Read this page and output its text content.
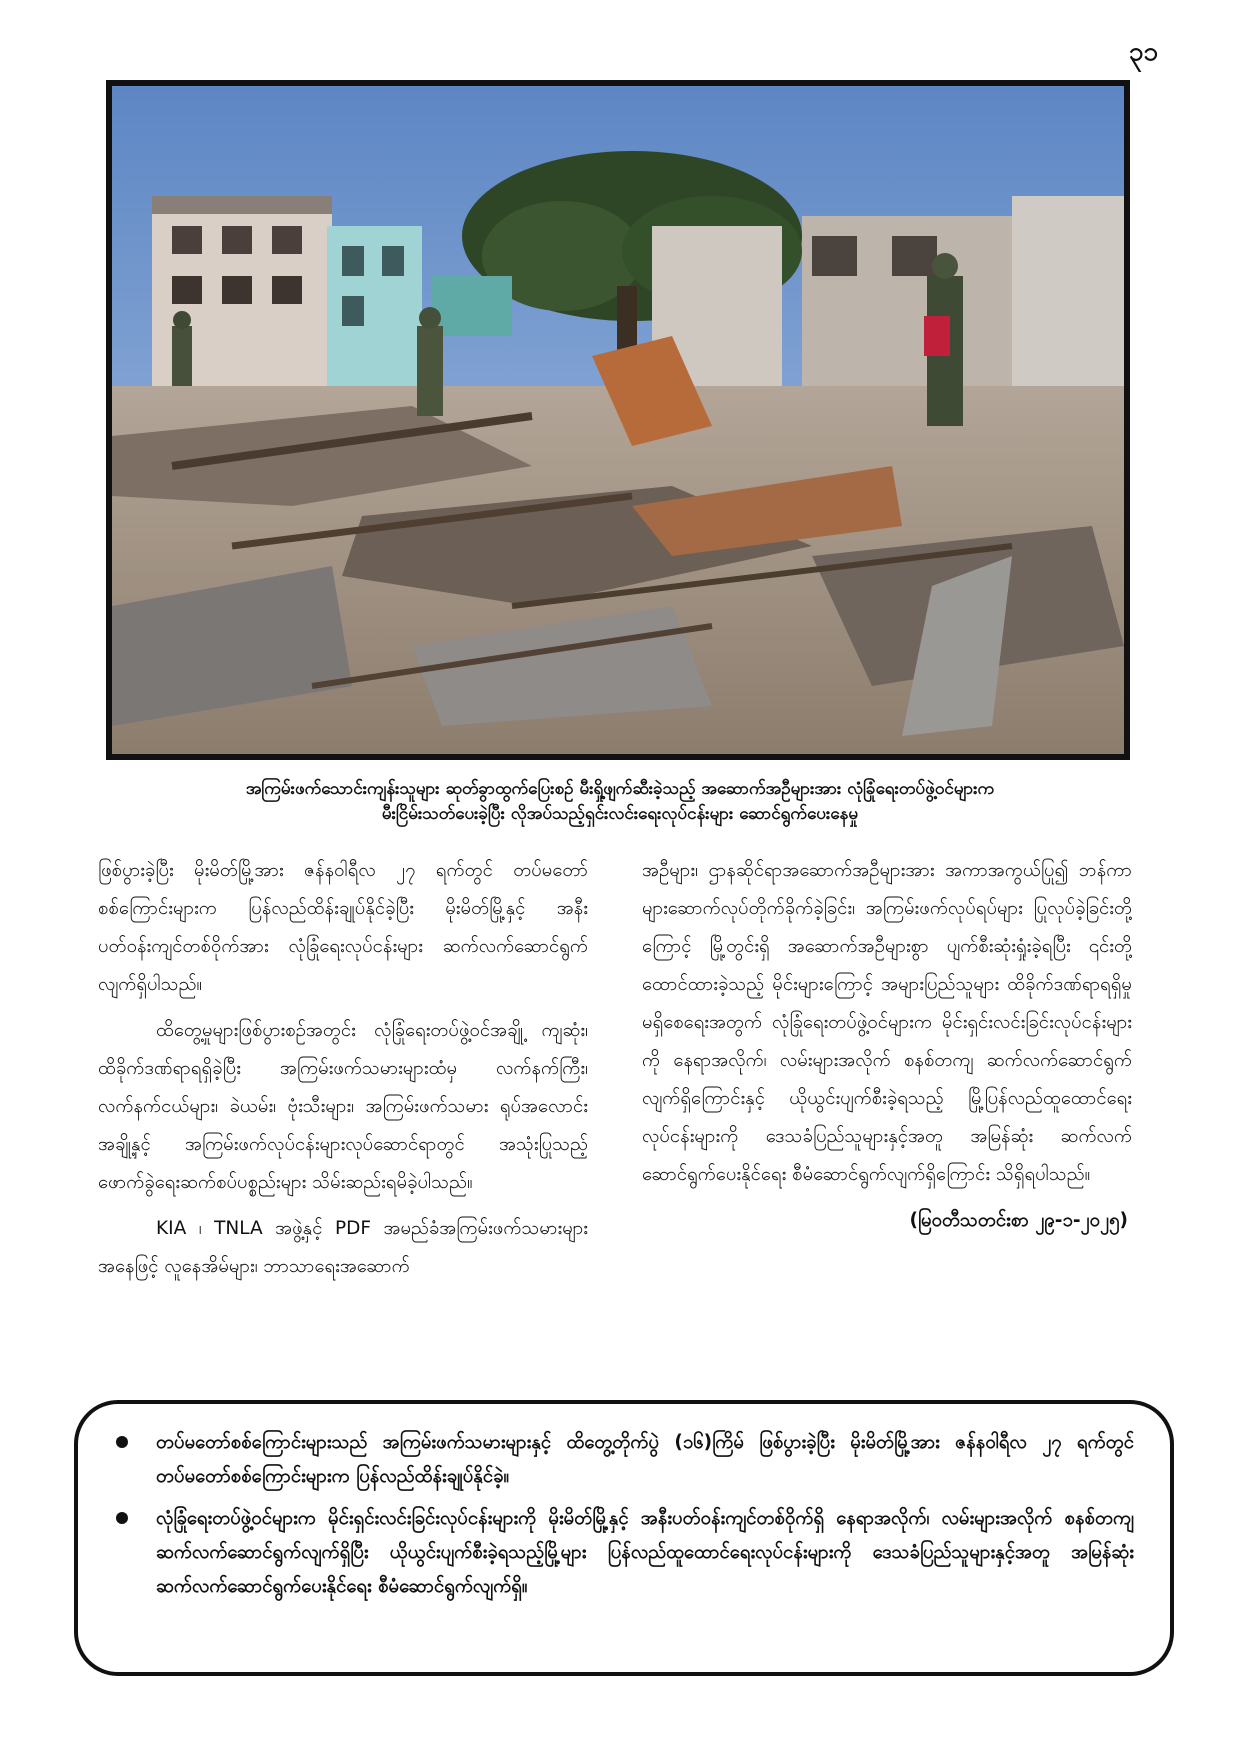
၃၁
အကြမ်းဖက်သောင်းကျန်းသူများ ဆုတ်ခွာထွက်ပြေးစဉ် မီးရှို့ဖျက်ဆီးခဲ့သည့် အဆောက်အဦများအား လုံခြုံရေးတပ်ဖွဲ့ဝင်များက
မီးငြိမ်းသတ်ပေးခဲ့ပြီး လိုအပ်သည့်ရှင်းလင်းရေးလုပ်ငန်းများ ဆောင်ရွက်ပေးနေမှု

ဖြစ်ပွားခဲ့ပြီး မိုးမိတ်မြို့အား ဇန်နဝါရီလ ၂၇ ရက်တွင် တပ်မတော်စစ်ကြောင်းများက ပြန်လည်ထိန်းချုပ်နိုင်ခဲ့ပြီး မိုးမိတ်မြို့နှင့် အနီးပတ်ဝန်းကျင်တစ်ဝိုက်အား လုံခြုံရေးလုပ်ငန်းများ ဆက်လက်ဆောင်ရွက်လျက်ရှိပါသည်။

ထိတွေ့မှုများဖြစ်ပွားစဉ်အတွင်း လုံခြုံရေးတပ်ဖွဲ့ဝင်အချို့ ကျဆုံး၊ ထိခိုက်ဒဏ်ရာရရှိခဲ့ပြီး အကြမ်းဖက်သမားများထံမှ လက်နက်ကြီး၊ လက်နက်ငယ်များ၊ ခဲယမ်း၊ ဗုံးသီးများ၊ အကြမ်းဖက်သမား ရုပ်အလောင်းအချို့နှင့် အကြမ်းဖက်လုပ်ငန်းများလုပ်ဆောင်ရာတွင် အသုံးပြုသည့် ဖောက်ခွဲရေးဆက်စပ်ပစ္စည်းများ သိမ်းဆည်းရမိခဲ့ပါသည်။

KIA ၊ TNLA အဖွဲ့နှင့် PDF အမည်ခံအကြမ်းဖက်သမားများအနေဖြင့် လူနေအိမ်များ၊ ဘာသာရေးအဆောက်

အဦများ၊ ဌာနဆိုင်ရာအဆောက်အဦများအား အကာအကွယ်ပြု၍ ဘန်ကာများဆောက်လုပ်တိုက်ခိုက်ခဲ့ခြင်း၊ အကြမ်းဖက်လုပ်ရပ်များ ပြုလုပ်ခဲ့ခြင်းတို့ကြောင့် မြို့တွင်းရှိ အဆောက်အဦများစွာ ပျက်စီးဆုံးရှုံးခဲ့ရပြီး ၎င်းတို့ထောင်ထားခဲ့သည့် မိုင်းများကြောင့် အများပြည်သူများ ထိခိုက်ဒဏ်ရာရရှိမှု မရှိစေရေးအတွက် လုံခြုံရေးတပ်ဖွဲ့ဝင်များက မိုင်းရှင်းလင်းခြင်းလုပ်ငန်းများကို နေရာအလိုက်၊ လမ်းများအလိုက် စနစ်တကျ ဆက်လက်ဆောင်ရွက်လျက်ရှိကြောင်းနှင့် ယိုယွင်းပျက်စီးခဲ့ရသည့် မြို့ပြန်လည်ထူထောင်ရေးလုပ်ငန်းများကို ဒေသခံပြည်သူများနှင့်အတူ အမြန်ဆုံး ဆက်လက်ဆောင်ရွက်ပေးနိုင်ရေး စီမံဆောင်ရွက်လျက်ရှိကြောင်း သိရှိရပါသည်။

(မြဝတီသတင်းစာ ၂၉-၁-၂၀၂၅)

တပ်မတော်စစ်ကြောင်းများသည် အကြမ်းဖက်သမားများနှင့် ထိတွေ့တိုက်ပွဲ (၁၆)ကြိမ် ဖြစ်ပွားခဲ့ပြီး မိုးမိတ်မြို့အား ဇန်နဝါရီလ ၂၇ ရက်တွင် တပ်မတော်စစ်ကြောင်းများက ပြန်လည်ထိန်းချုပ်နိုင်ခဲ့။
လုံခြုံရေးတပ်ဖွဲ့ဝင်များက မိုင်းရှင်းလင်းခြင်းလုပ်ငန်းများကို မိုးမိတ်မြို့နှင့် အနီးပတ်ဝန်းကျင်တစ်ဝိုက်ရှိ နေရာအလိုက်၊ လမ်းများအလိုက် စနစ်တကျ ဆက်လက်ဆောင်ရွက်လျက်ရှိပြီး ယိုယွင်းပျက်စီးခဲ့ရသည့်မြို့များ ပြန်လည်ထူထောင်ရေးလုပ်ငန်းများကို ဒေသခံပြည်သူများနှင့်အတူ အမြန်ဆုံး ဆက်လက်ဆောင်ရွက်ပေးနိုင်ရေး စီမံဆောင်ရွက်လျက်ရှိ။
